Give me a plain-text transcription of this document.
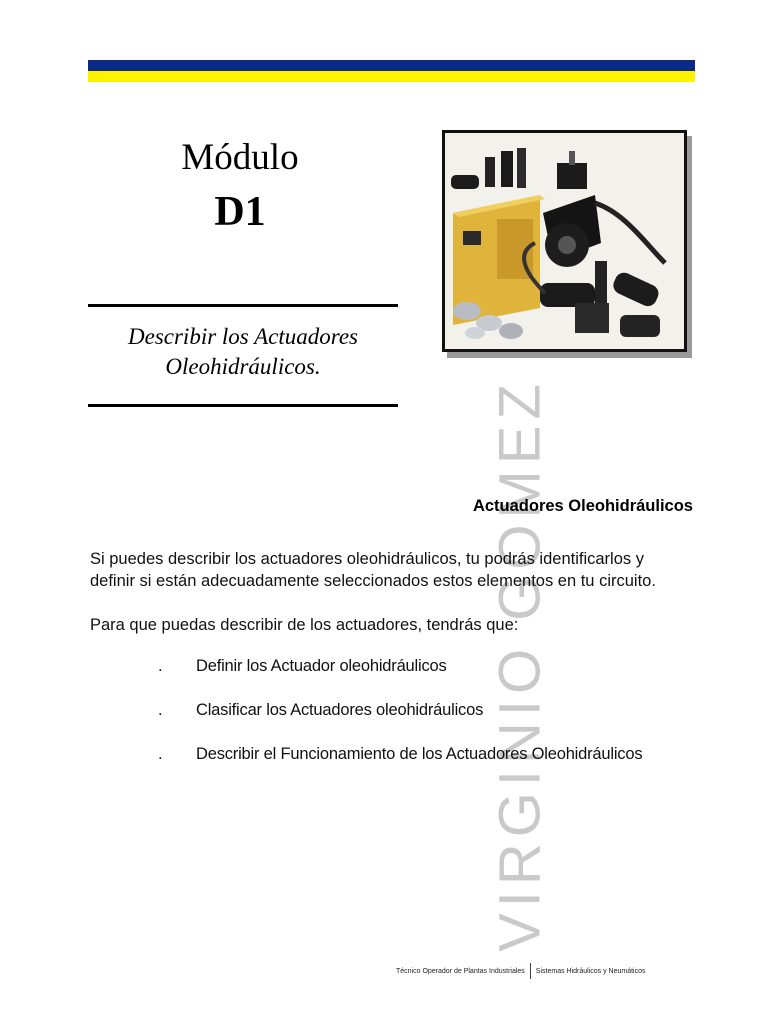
Módulo
D1
Describir los Actuadores
Oleohidráulicos.
VIRGINIO GOMEZ
Actuadores Oleohidráulicos
Si puedes describir los actuadores oleohidráulicos, tu podrás identificarlos y
definir si están adecuadamente seleccionados estos elementos en tu circuito.
Para que puedas describir de los actuadores, tendrás que:
. Definir los Actuador oleohidráulicos
. Clasificar los Actuadores oleohidráulicos
. Describir el Funcionamiento de los Actuadores Oleohidráulicos
Técnico Operador de Plantas Industriales Sistemas Hidráulicos y Neumáticos
